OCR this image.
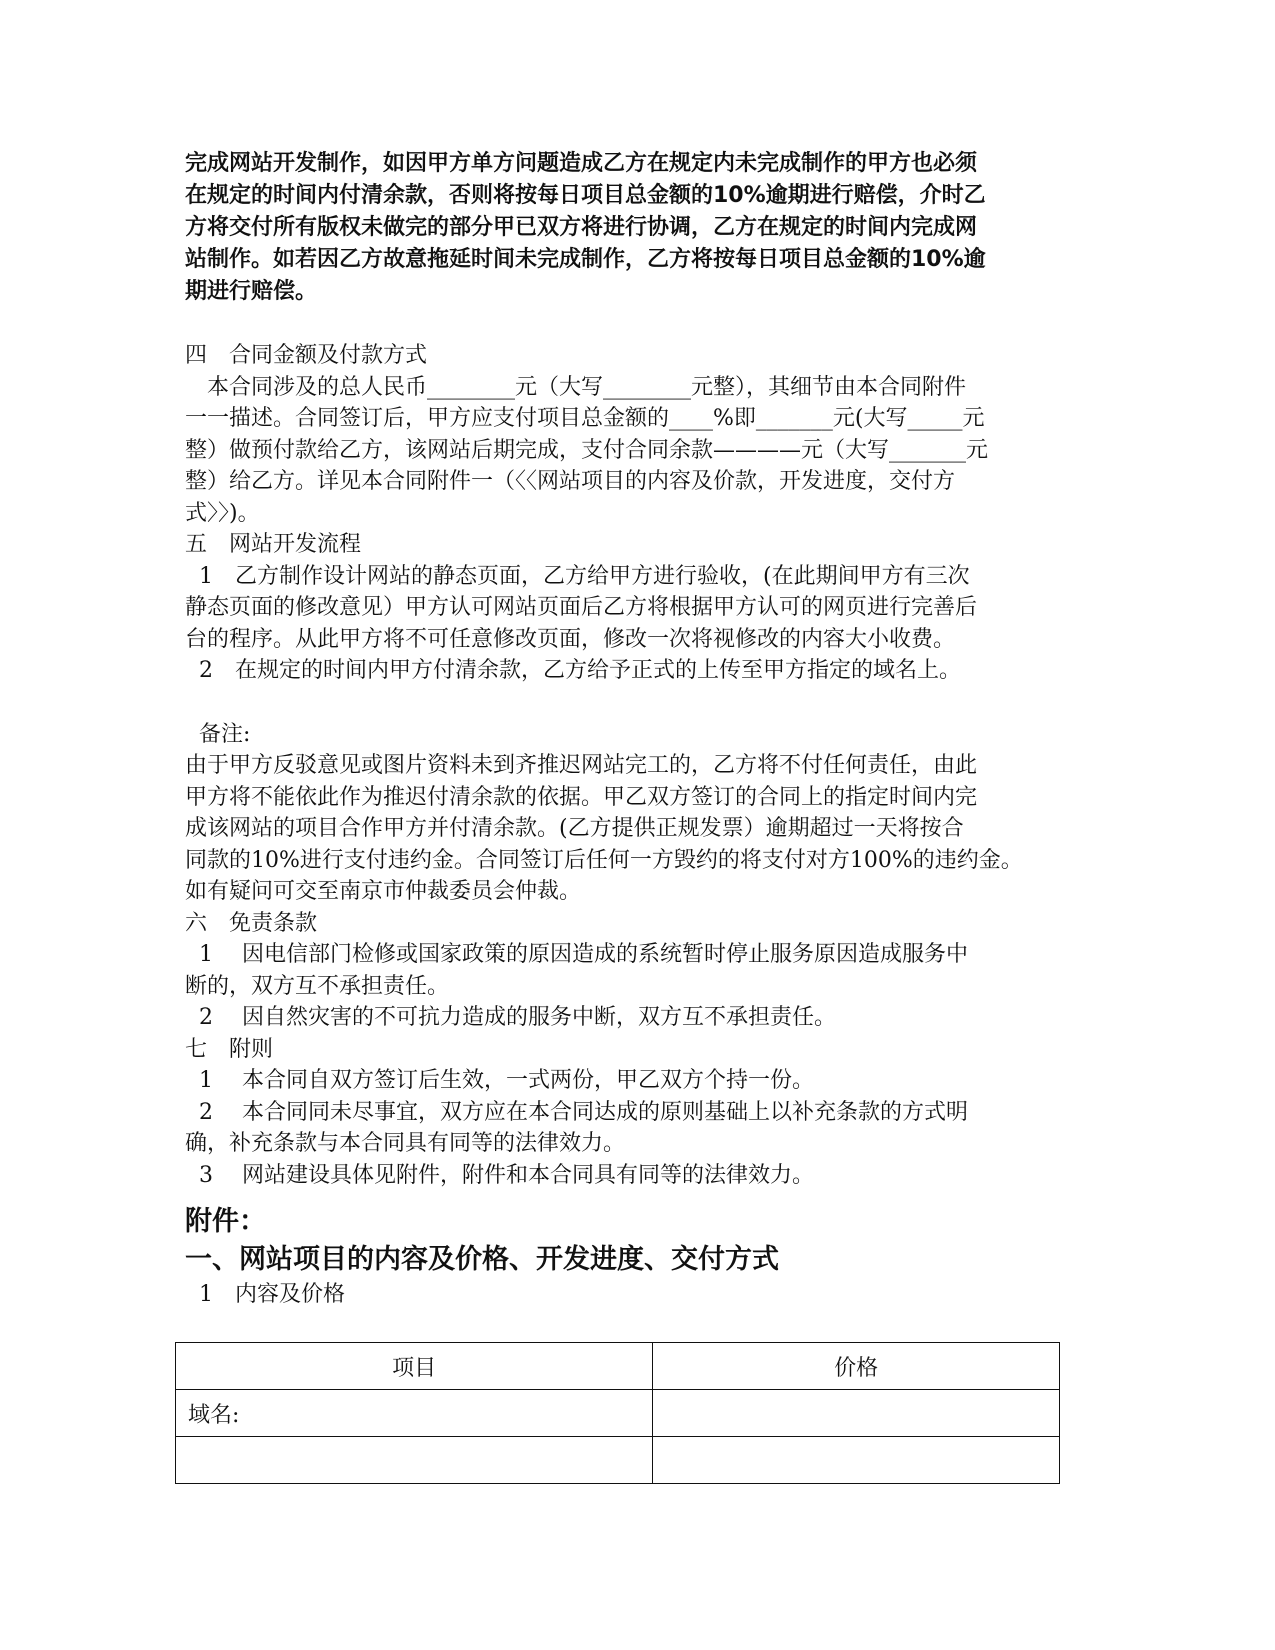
完成网站开发制作，如因甲方单方问题造成乙方在规定内未完成制作的甲方也必须

在规定的时间内付清余款，否则将按每日项目总金额的10%逾期进行赔偿，介时乙

方将交付所有版权未做完的部分甲已双方将进行协调，乙方在规定的时间内完成网

站制作。如若因乙方故意拖延时间未完成制作，乙方将按每日项目总金额的10%逾

期进行赔偿。

四　合同金额及付款方式

　本合同涉及的总人民币________元（大写________元整），其细节由本合同附件

一一描述。合同签订后，甲方应支付项目总金额的____%即_______元(大写_____元

整）做预付款给乙方，该网站后期完成，支付合同余款————元（大写_______元

整）给乙方。详见本合同附件一（〈〈网站项目的内容及价款，开发进度，交付方

式〉〉)。

五　网站开发流程

1　乙方制作设计网站的静态页面，乙方给甲方进行验收，(在此期间甲方有三次

静态页面的修改意见）甲方认可网站页面后乙方将根据甲方认可的网页进行完善后

台的程序。从此甲方将不可任意修改页面，修改一次将视修改的内容大小收费。

2　在规定的时间内甲方付清余款，乙方给予正式的上传至甲方指定的域名上。

备注:

由于甲方反驳意见或图片资料未到齐推迟网站完工的，乙方将不付任何责任，由此

甲方将不能依此作为推迟付清余款的依据。甲乙双方签订的合同上的指定时间内完

成该网站的项目合作甲方并付清余款。(乙方提供正规发票）逾期超过一天将按合

同款的10%进行支付违约金。合同签订后任何一方毁约的将支付对方100%的违约金。

如有疑问可交至南京市仲裁委员会仲裁。

六　免责条款

1　 因电信部门检修或国家政策的原因造成的系统暂时停止服务原因造成服务中

断的，双方互不承担责任。

2　 因自然灾害的不可抗力造成的服务中断，双方互不承担责任。

七　附则

1　 本合同自双方签订后生效，一式两份，甲乙双方个持一份。

2　 本合同同未尽事宜，双方应在本合同达成的原则基础上以补充条款的方式明

确，补充条款与本合同具有同等的法律效力。

3　 网站建设具体见附件，附件和本合同具有同等的法律效力。

附件：

一、网站项目的内容及价格、开发进度、交付方式

1　内容及价格

项目	价格
域名:	
